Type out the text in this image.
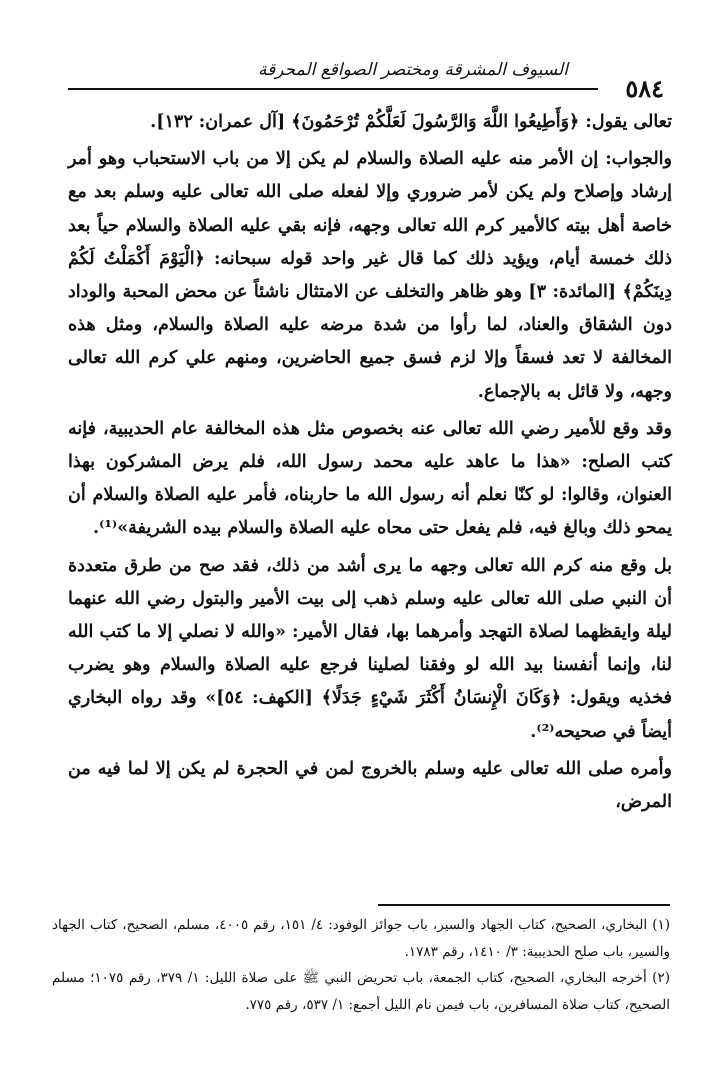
٥٨٤
السيوف المشرقة ومختصر الصواقع المحرقة

تعالى يقول: ﴿وَأَطِيعُوا اللَّهَ وَالرَّسُولَ لَعَلَّكُمْ تُرْحَمُونَ﴾ [آل عمران: ١٣٢].

والجواب: إن الأمر منه عليه الصلاة والسلام لم يكن إلا من باب الاستحباب وهو أمر إرشاد وإصلاح ولم يكن لأمر ضروري وإلا لفعله صلى الله تعالى عليه وسلم بعد مع خاصة أهل بيته كالأمير كرم الله تعالى وجهه، فإنه بقي عليه الصلاة والسلام حياً بعد ذلك خمسة أيام، ويؤيد ذلك كما قال غير واحد قوله سبحانه: ﴿الْيَوْمَ أَكْمَلْتُ لَكُمْ دِينَكُمْ﴾ [المائدة: ٣] وهو ظاهر والتخلف عن الامتثال ناشئاً عن محض المحبة والوداد دون الشقاق والعناد، لما رأوا من شدة مرضه عليه الصلاة والسلام، ومثل هذه المخالفة لا تعد فسقاً وإلا لزم فسق جميع الحاضرين، ومنهم علي كرم الله تعالى وجهه، ولا قائل به بالإجماع.

وقد وقع للأمير رضي الله تعالى عنه بخصوص مثل هذه المخالفة عام الحديبية، فإنه كتب الصلح: «هذا ما عاهد عليه محمد رسول الله، فلم يرض المشركون بهذا العنوان، وقالوا: لو كنّا نعلم أنه رسول الله ما حاربناه، فأمر عليه الصلاة والسلام أن يمحو ذلك وبالغ فيه، فلم يفعل حتى محاه عليه الصلاة والسلام بيده الشريفة»⁽¹⁾.

بل وقع منه كرم الله تعالى وجهه ما يرى أشد من ذلك، فقد صح من طرق متعددة أن النبي صلى الله تعالى عليه وسلم ذهب إلى بيت الأمير والبتول رضي الله عنهما ليلة وايقظهما لصلاة التهجد وأمرهما بها، فقال الأمير: «والله لا نصلي إلا ما كتب الله لنا، وإنما أنفسنا بيد الله لو وفقنا لصلينا فرجع عليه الصلاة والسلام وهو يضرب فخذيه ويقول: ﴿وَكَانَ الْإِنسَانُ أَكْثَرَ شَيْءٍ جَدَلًا﴾ [الكهف: ٥٤]» وقد رواه البخاري أيضاً في صحيحه⁽²⁾.

وأمره صلى الله تعالى عليه وسلم بالخروج لمن في الحجرة لم يكن إلا لما فيه من المرض،

(١) البخاري، الصحيح، كتاب الجهاد والسير، باب جوائز الوفود: ٤/ ١٥١، رقم ٤٠٠٥، مسلم، الصحيح، كتاب الجهاد والسير، باب صلح الحديبية: ٣/ ١٤١٠، رقم ١٧٨٣.

(٢) أخرجه البخاري، الصحيح، كتاب الجمعة، باب تحريض النبي ﷺ على صلاة الليل: ١/ ٣٧٩، رقم ١٠٧٥؛ مسلم الصحيح، كتاب صلاة المسافرين، باب فيمن نام الليل أجمع: ١/ ٥٣٧، رقم ٧٧٥.
